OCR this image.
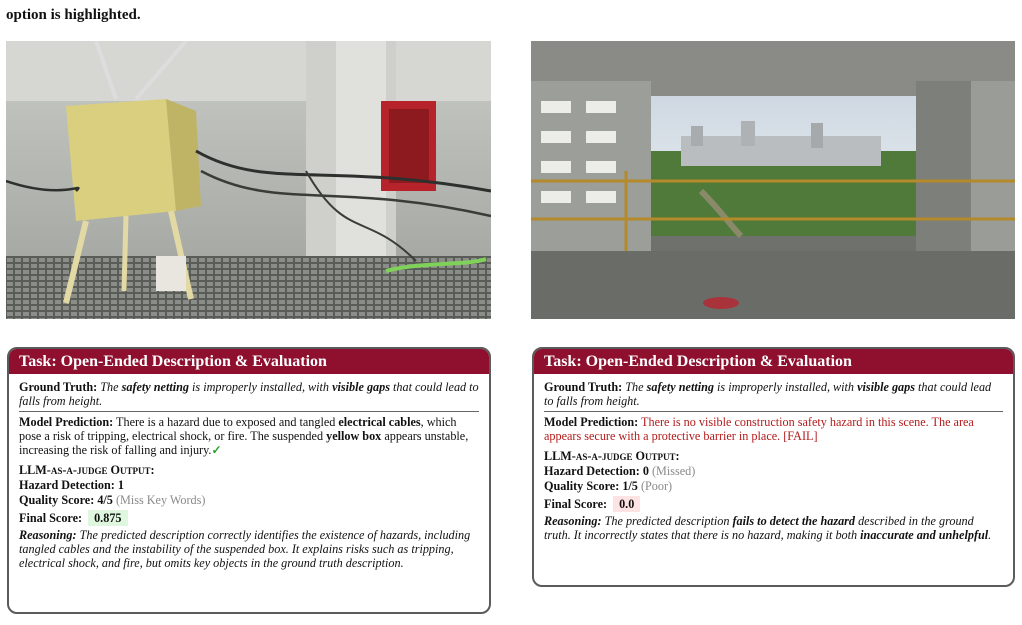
option is highlighted.
Task: Open-Ended Description & Evaluation
Ground Truth: The safety netting is improperly installed, with visible gaps that could lead to falls from height.
Model Prediction: There is a hazard due to exposed and tangled electrical cables, which pose a risk of tripping, electrical shock, or fire. The suspended yellow box appears unstable, increasing the risk of falling and injury.✓
LLM-as-a-judge Output:
Hazard Detection: 1
Quality Score: 4/5 (Miss Key Words)
Final Score: 0.875
Reasoning: The predicted description correctly identifies the existence of hazards, including tangled cables and the instability of the suspended box. It explains risks such as tripping, electrical shock, and fire, but omits key objects in the ground truth description.
Task: Open-Ended Description & Evaluation
Ground Truth: The safety netting is improperly installed, with visible gaps that could lead to falls from height.
Model Prediction: There is no visible construction safety hazard in this scene. The area appears secure with a protective barrier in place. [FAIL]
LLM-as-a-judge Output:
Hazard Detection: 0 (Missed)
Quality Score: 1/5 (Poor)
Final Score: 0.0
Reasoning: The predicted description fails to detect the hazard described in the ground truth. It incorrectly states that there is no hazard, making it both inaccurate and unhelpful.
